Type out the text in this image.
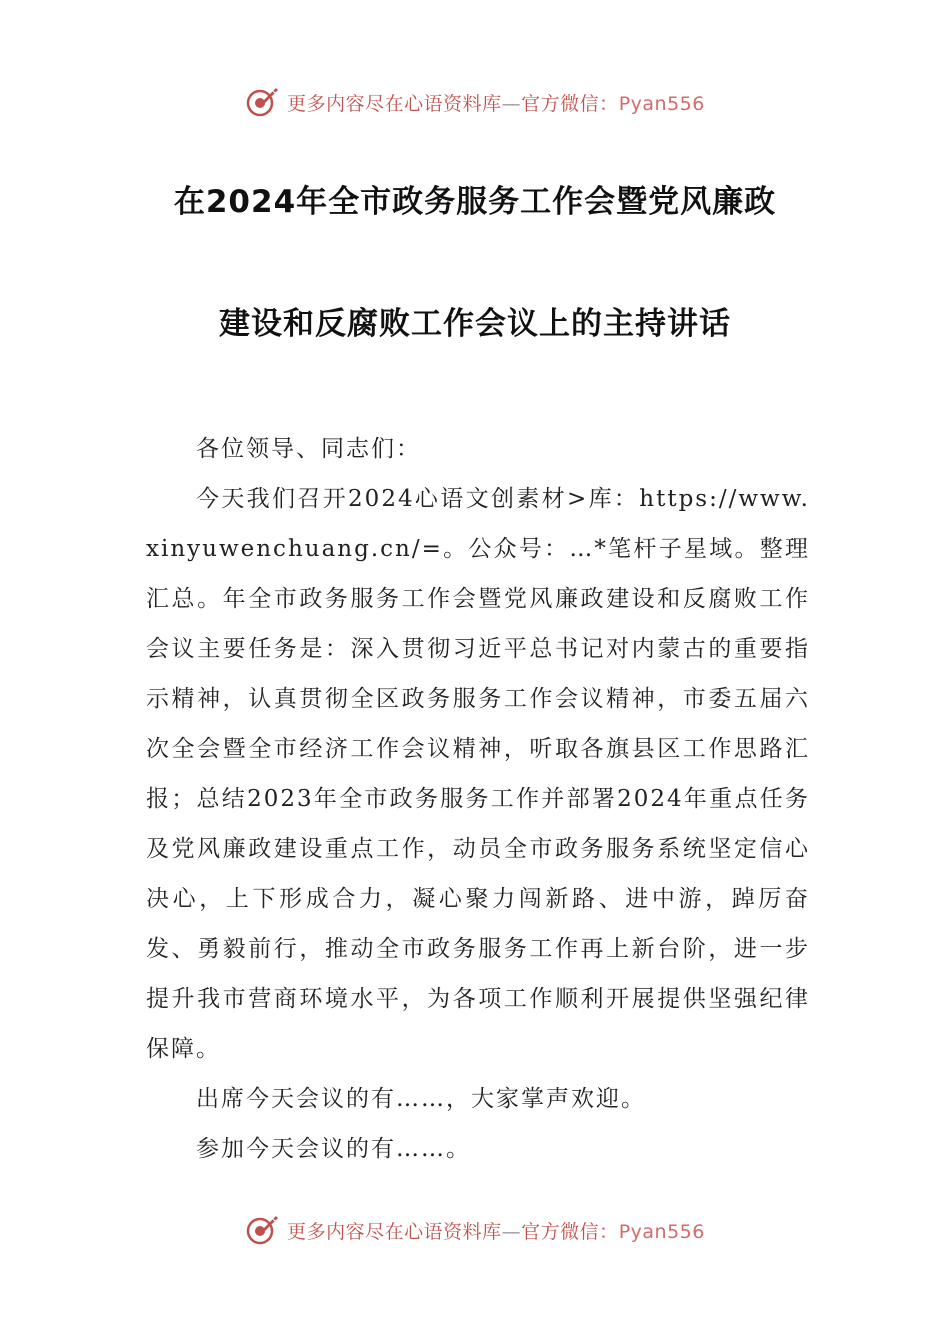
更多内容尽在心语资料库—官方微信：Pyan556
在2024年全市政务服务工作会暨党风廉政
建设和反腐败工作会议上的主持讲话

各位领导、同志们：

今天我们召开2024心语文创素材>库：https://www.xinyuwenchuang.cn/=。公众号：…*笔杆子星域。整理汇总。年全市政务服务工作会暨党风廉政建设和反腐败工作会议主要任务是：深入贯彻习近平总书记对内蒙古的重要指示精神，认真贯彻全区政务服务工作会议精神，市委五届六次全会暨全市经济工作会议精神，听取各旗县区工作思路汇报；总结2023年全市政务服务工作并部署2024年重点任务及党风廉政建设重点工作，动员全市政务服务系统坚定信心决心，上下形成合力，凝心聚力闯新路、进中游，踔厉奋发、勇毅前行，推动全市政务服务工作再上新台阶，进一步提升我市营商环境水平，为各项工作顺利开展提供坚强纪律保障。

出席今天会议的有……，大家掌声欢迎。

参加今天会议的有……。

更多内容尽在心语资料库—官方微信：Pyan556
